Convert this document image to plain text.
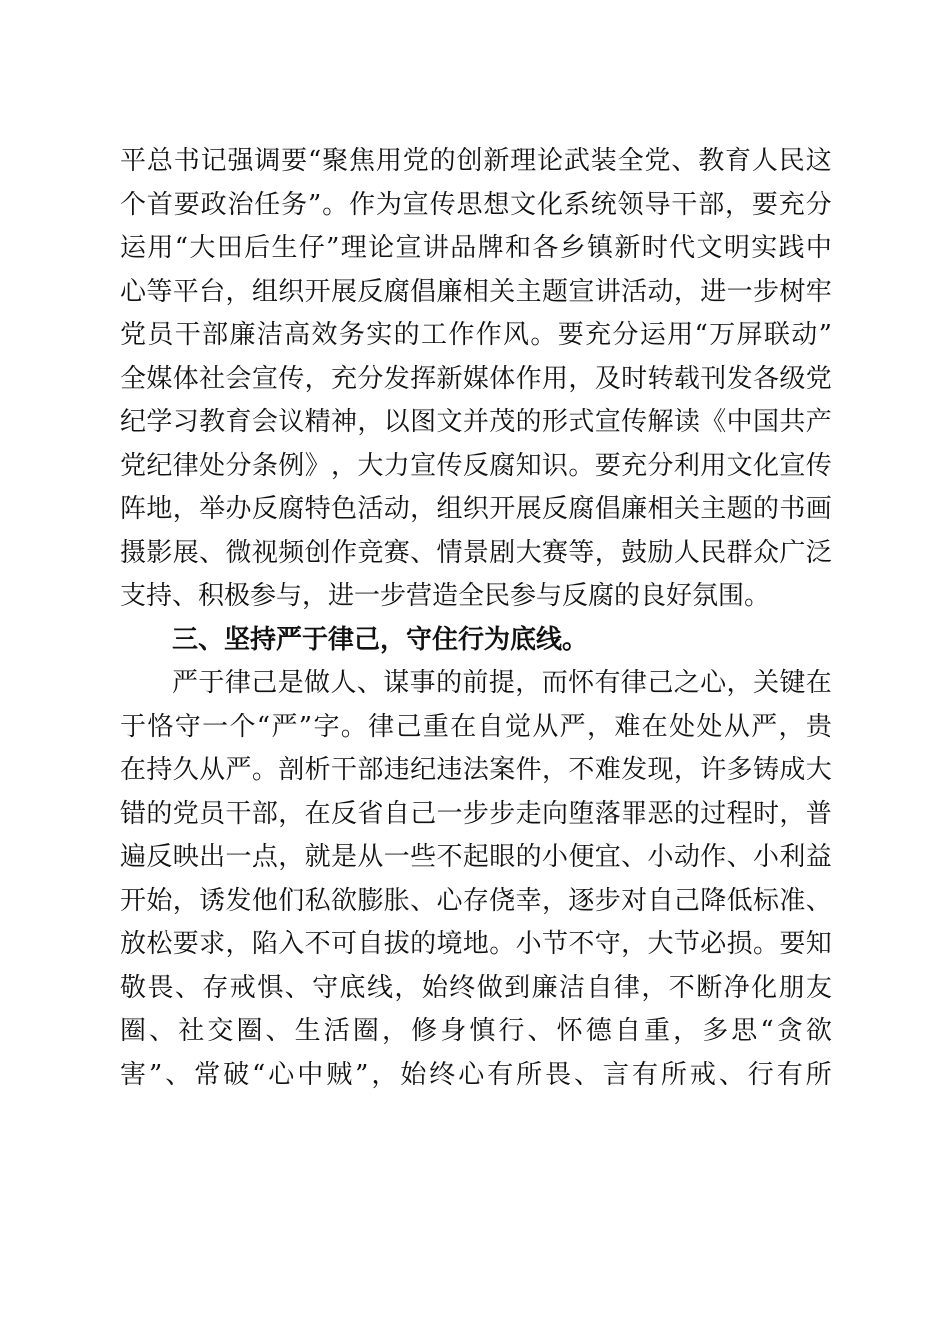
平 总 书 记 强 调 要 “ 聚 焦 用 党 的 创 新 理 论 武 装 全 党 、 教 育 人 民 这
个 首 要 政 治 任 务 ” 。 作 为 宣 传 思 想 文 化 系 统 领 导 干 部 ， 要 充 分
运 用 “ 大 田 后 生 仔 ” 理 论 宣 讲 品 牌 和 各 乡 镇 新 时 代 文 明 实 践 中
心 等 平 台 ， 组 织 开 展 反 腐 倡 廉 相 关 主 题 宣 讲 活 动 ， 进 一 步 树 牢
党 员 干 部 廉 洁 高 效 务 实 的 工 作 作 风 。 要 充 分 运 用 “ 万 屏 联 动 ”
全 媒 体 社 会 宣 传 ， 充 分 发 挥 新 媒 体 作 用 ， 及 时 转 载 刊 发 各 级 党
纪 学 习 教 育 会 议 精 神 ， 以 图 文 并 茂 的 形 式 宣 传 解 读 《 中 国 共 产
党 纪 律 处 分 条 例 》 ， 大 力 宣 传 反 腐 知 识 。 要 充 分 利 用 文 化 宣 传
阵 地 ， 举 办 反 腐 特 色 活 动 ， 组 织 开 展 反 腐 倡 廉 相 关 主 题 的 书 画
摄 影 展 、 微 视 频 创 作 竞 赛 、 情 景 剧 大 赛 等 ， 鼓 励 人 民 群 众 广 泛
支持、积极参与，进一步营造全民参与反腐的良好氛围。
三、坚持严于律己，守住行为底线。
　　严 于 律 己 是 做 人 、 谋 事 的 前 提 ， 而 怀 有 律 己 之 心 ， 关 键 在
于 恪 守 一 个 “ 严 ” 字 。 律 己 重 在 自 觉 从 严 ， 难 在 处 处 从 严 ， 贵
在 持 久 从 严 。 剖 析 干 部 违 纪 违 法 案 件 ， 不 难 发 现 ， 许 多 铸 成 大
错 的 党 员 干 部 ， 在 反 省 自 己 一 步 步 走 向 堕 落 罪 恶 的 过 程 时 ， 普
遍 反 映 出 一 点 ， 就 是 从 一 些 不 起 眼 的 小 便 宜 、 小 动 作 、 小 利 益
开 始 ， 诱 发 他 们 私 欲 膨 胀 、 心 存 侥 幸 ， 逐 步 对 自 己 降 低 标 准 、
放 松 要 求 ， 陷 入 不 可 自 拔 的 境 地 。 小 节 不 守 ， 大 节 必 损 。 要 知
敬 畏 、 存 戒 惧 、 守 底 线 ， 始 终 做 到 廉 洁 自 律 ， 不 断 净 化 朋 友
圈 、 社 交 圈 、 生 活 圈 ， 修 身 慎 行 、 怀 德 自 重 ， 多 思 “ 贪 欲
害 ” 、 常 破 “ 心 中 贼 ” ， 始 终 心 有 所 畏 、 言 有 所 戒 、 行 有 所
